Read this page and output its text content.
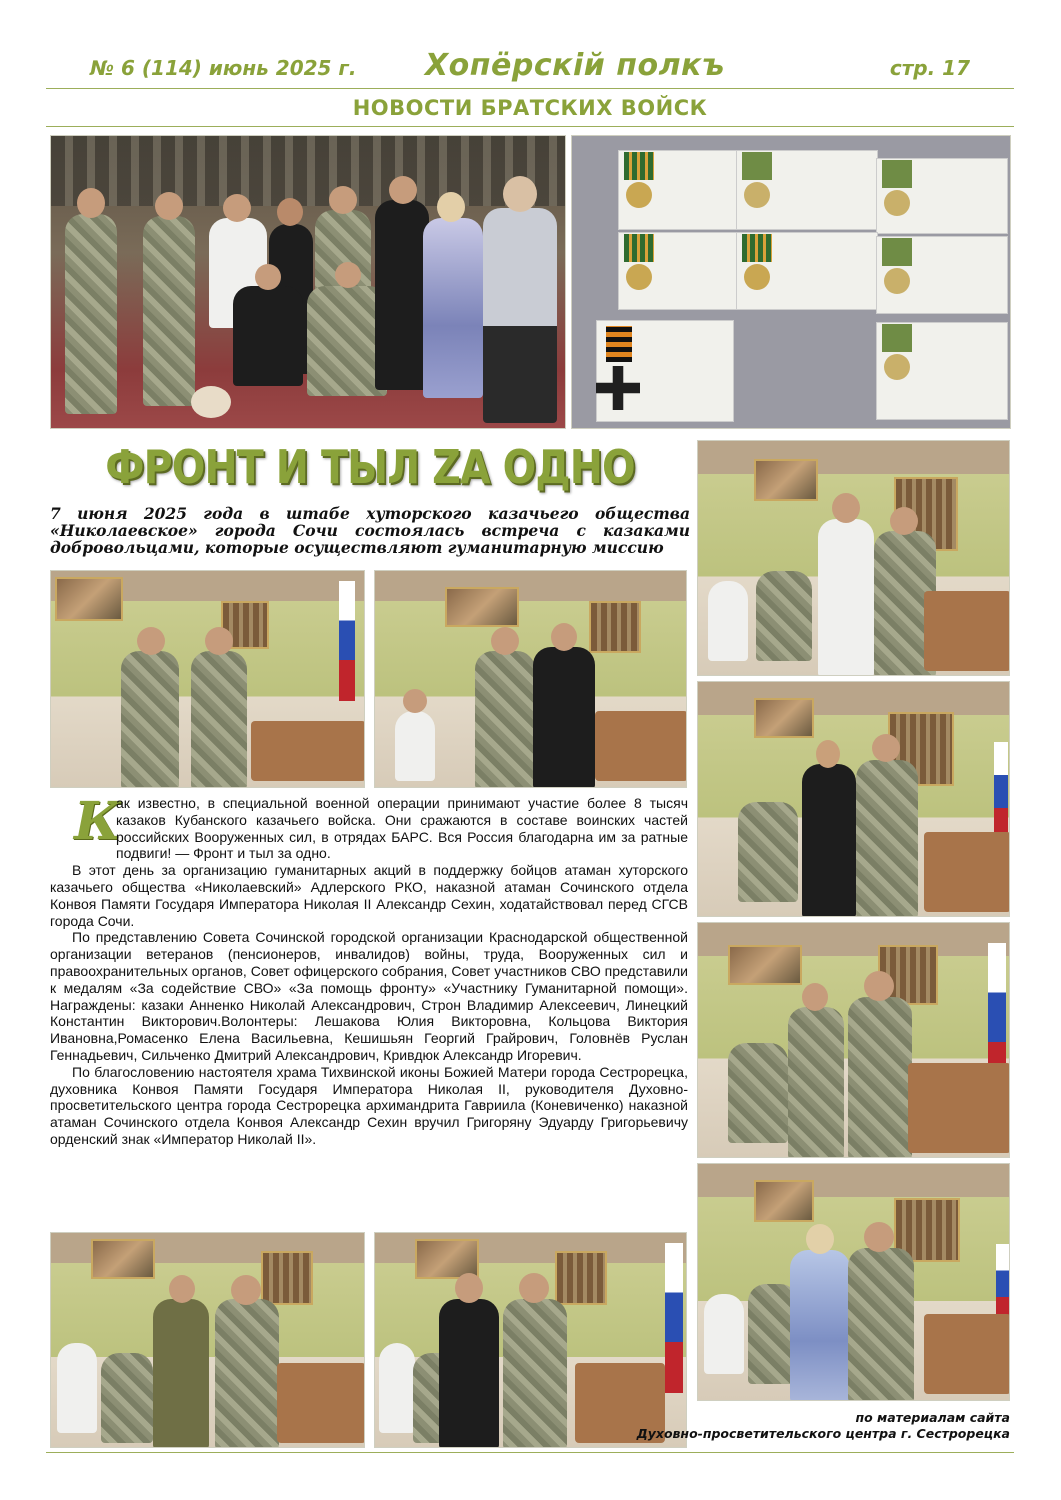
№ 6 (114) июнь 2025 г.	Хопёрскiй полкъ	стр. 17
НОВОСТИ БРАТСКИХ ВОЙСК
ФРОНТ И ТЫЛ ZА ОДНО
7 июня 2025 года в штабе хуторского казачьего общества «Николаевское» города Сочи состоялась встреча с казаками добровольцами, которые осуществляют гуманитарную миссию
К

ак известно, в специальной военной операции принимают участие более 8 тысяч казаков Кубанского казачьего войска. Они сражаются в составе воинских частей российских Вооруженных сил, в отрядах БАРС. Вся Россия благодарна им за ратные подвиги! — Фронт и тыл за одно.

В этот день за организацию гуманитарных акций в поддержку бойцов атаман хуторского казачьего общества «Николаевский» Адлерского РКО, наказной атаман Сочинского отдела Конвоя Памяти Государя Императора Николая II Александр Сехин, ходатайствовал перед СГСВ города Сочи.

По представлению Совета Сочинской городской организации Краснодарской общественной организации ветеранов (пенсионеров, инвалидов) войны, труда, Вооруженных сил и правоохранительных органов, Совет офицерского собрания, Совет участников СВО представили к медалям «За содействие СВО» «За помощь фронту» «Участнику Гуманитарной помощи». Награждены: казаки Анненко Николай Александрович, Строн Владимир Алексеевич, Линецкий Константин Викторович.Волонтеры: Лешакова Юлия Викторовна, Кольцова Виктория Ивановна,Ромасенко Елена Васильевна, Кешишьян Георгий Грайрович, Головнёв Руслан Геннадьевич, Сильченко Дмитрий Александрович, Кривдюк Александр Игоревич.

По благословению настоятеля храма Тихвинской иконы Божией Матери города Сестрорецка, духовника Конвоя Памяти Государя Императора Николая II, руководителя Духовно-просветительского центра города Сестрорецка архимандрита Гавриила (Коневиченко) наказной атаман Сочинского отдела Конвоя Александр Сехин вручил Григоряну Эдуарду Григорьевичу орденский знак «Император Николай II».

по материалам сайта
Духовно-просветительского центра г. Сестрорецка
